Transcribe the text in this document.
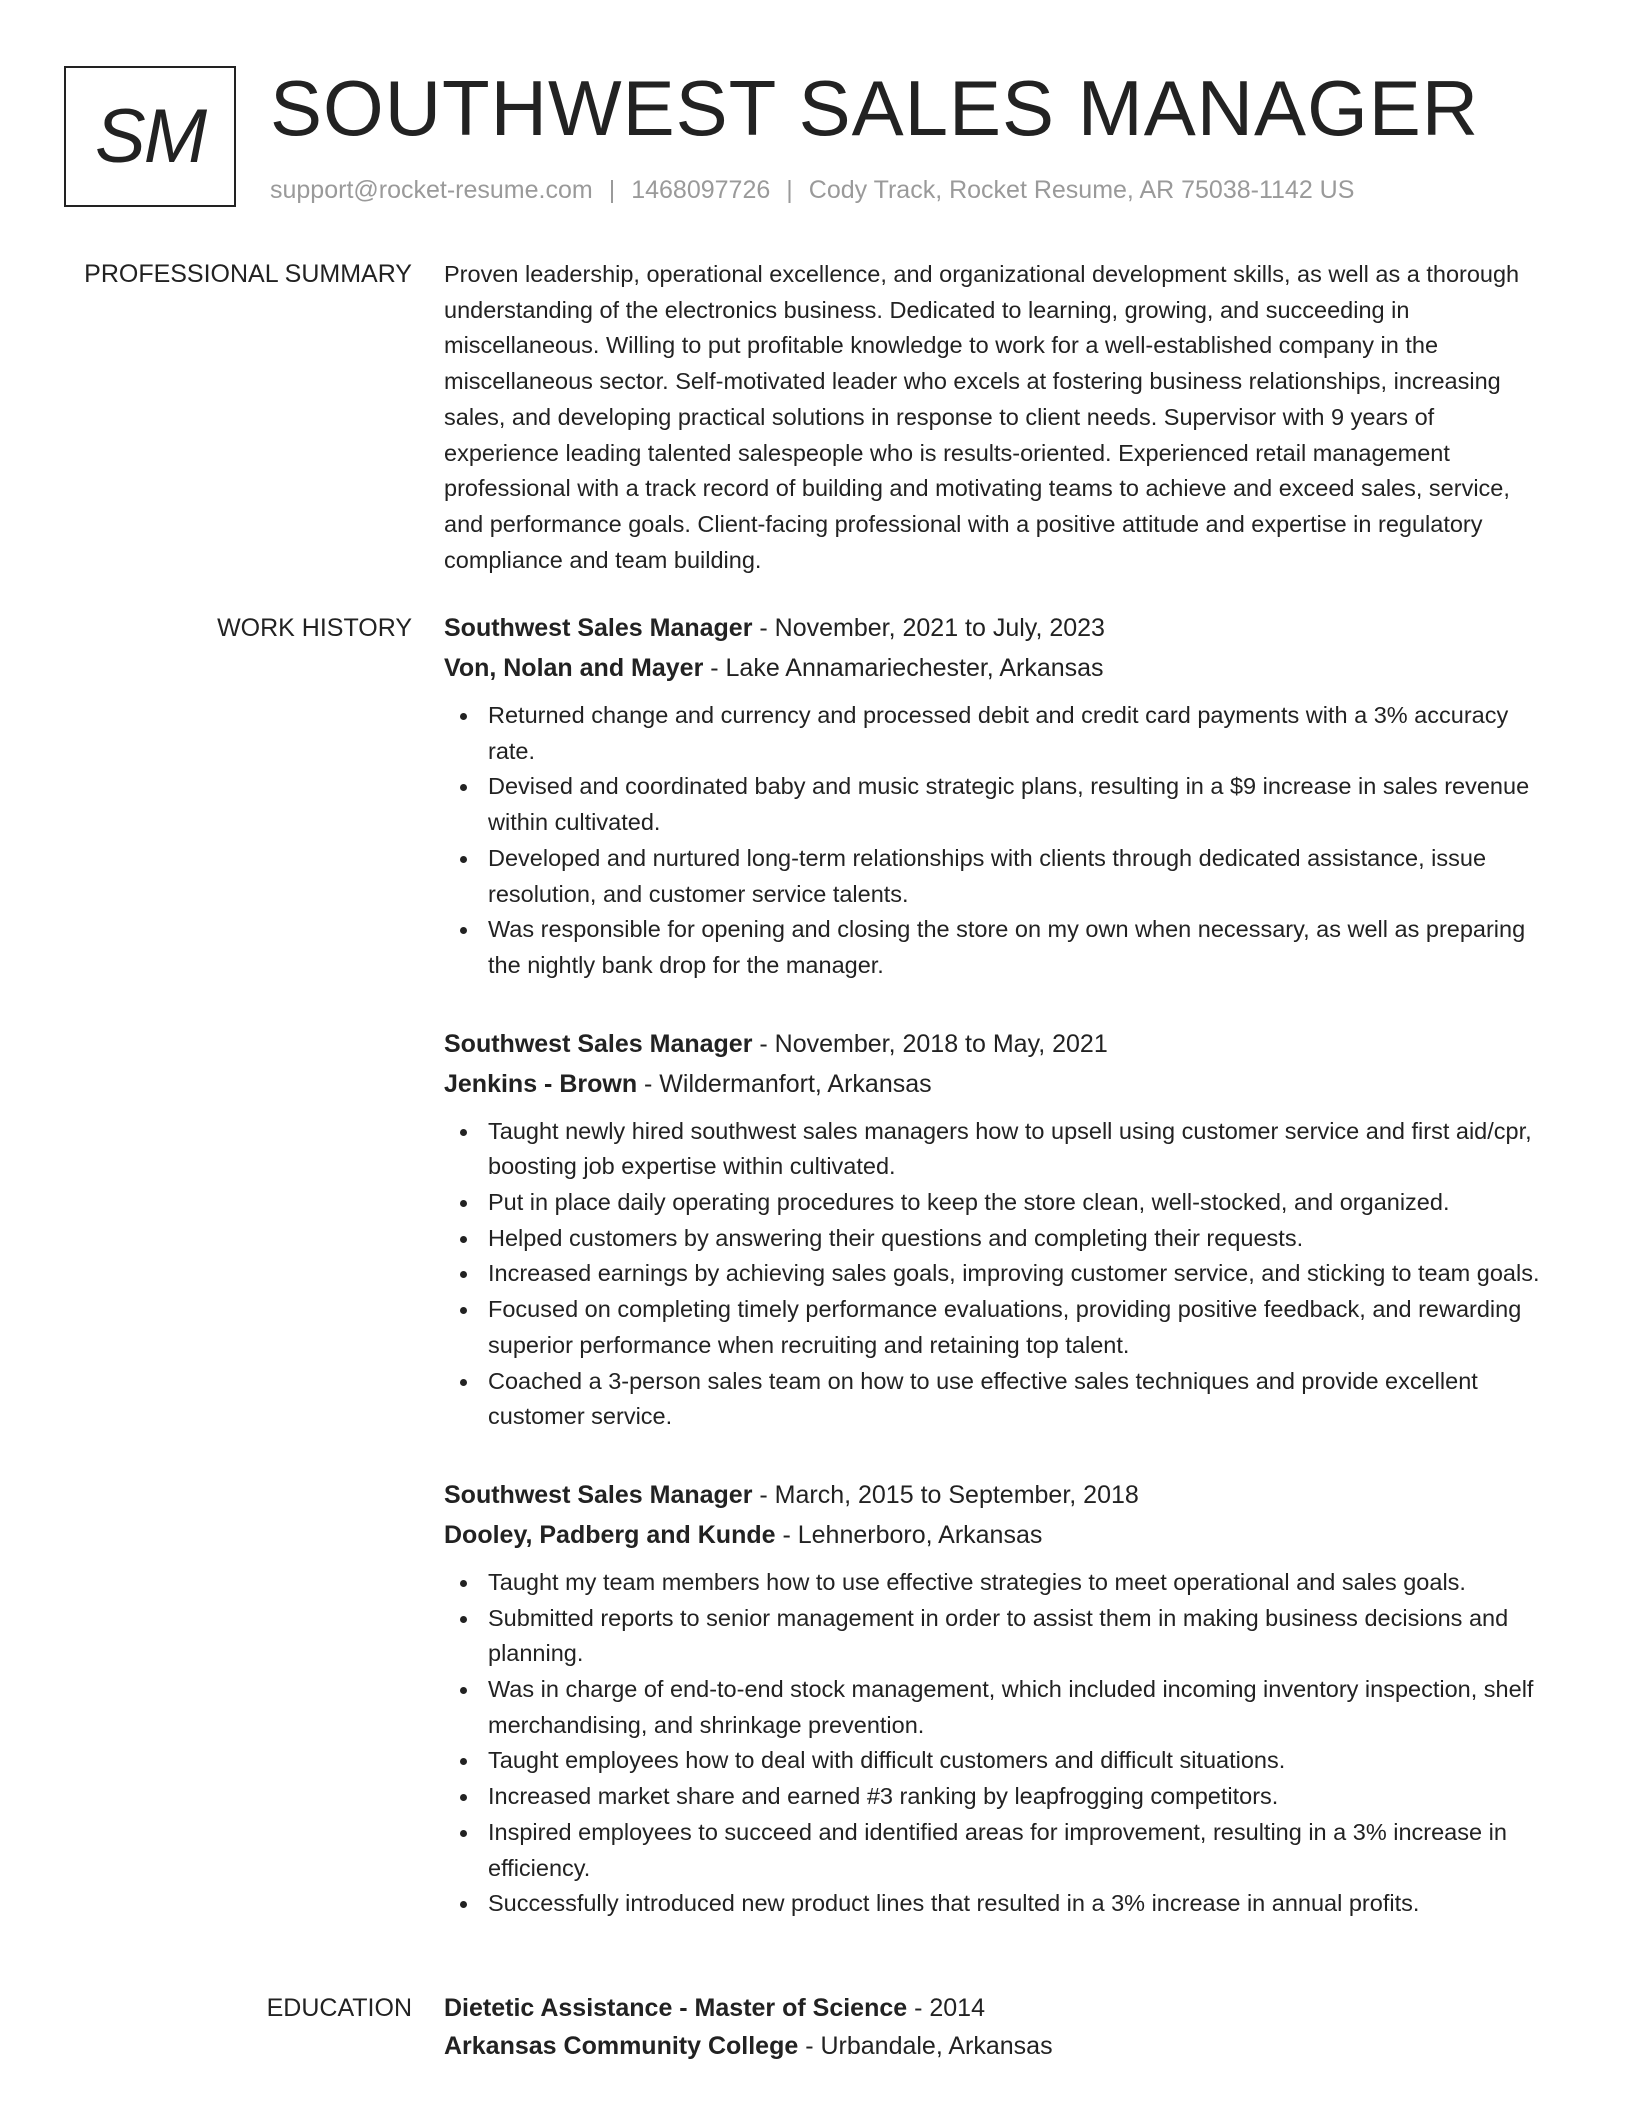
SM SOUTHWEST SALES MANAGER
support@rocket-resume.com | 1468097726 | Cody Track, Rocket Resume, AR 75038-1142 US
PROFESSIONAL SUMMARY Proven leadership, operational excellence, and organizational development skills, as well as a thorough understanding of the electronics business. Dedicated to learning, growing, and succeeding in miscellaneous. Willing to put profitable knowledge to work for a well-established company in the miscellaneous sector. Self-motivated leader who excels at fostering business relationships, increasing sales, and developing practical solutions in response to client needs. Supervisor with 9 years of experience leading talented salespeople who is results-oriented. Experienced retail management professional with a track record of building and motivating teams to achieve and exceed sales, service, and performance goals. Client-facing professional with a positive attitude and expertise in regulatory compliance and team building.

WORK HISTORY Southwest Sales Manager - November, 2021 to July, 2023
Von, Nolan and Mayer - Lake Annamariechester, Arkansas
Returned change and currency and processed debit and credit card payments with a 3% accuracy rate.
Devised and coordinated baby and music strategic plans, resulting in a $9 increase in sales revenue within cultivated.
Developed and nurtured long-term relationships with clients through dedicated assistance, issue resolution, and customer service talents.
Was responsible for opening and closing the store on my own when necessary, as well as preparing the nightly bank drop for the manager.
Southwest Sales Manager - November, 2018 to May, 2021
Jenkins - Brown - Wildermanfort, Arkansas
Taught newly hired southwest sales managers how to upsell using customer service and first aid/cpr, boosting job expertise within cultivated.
Put in place daily operating procedures to keep the store clean, well-stocked, and organized.
Helped customers by answering their questions and completing their requests.
Increased earnings by achieving sales goals, improving customer service, and sticking to team goals.
Focused on completing timely performance evaluations, providing positive feedback, and rewarding superior performance when recruiting and retaining top talent.
Coached a 3-person sales team on how to use effective sales techniques and provide excellent customer service.
Southwest Sales Manager - March, 2015 to September, 2018
Dooley, Padberg and Kunde - Lehnerboro, Arkansas
Taught my team members how to use effective strategies to meet operational and sales goals.
Submitted reports to senior management in order to assist them in making business decisions and planning.
Was in charge of end-to-end stock management, which included incoming inventory inspection, shelf merchandising, and shrinkage prevention.
Taught employees how to deal with difficult customers and difficult situations.
Increased market share and earned #3 ranking by leapfrogging competitors.
Inspired employees to succeed and identified areas for improvement, resulting in a 3% increase in efficiency.
Successfully introduced new product lines that resulted in a 3% increase in annual profits.
EDUCATION Dietetic Assistance - Master of Science - 2014
Arkansas Community College - Urbandale, Arkansas
